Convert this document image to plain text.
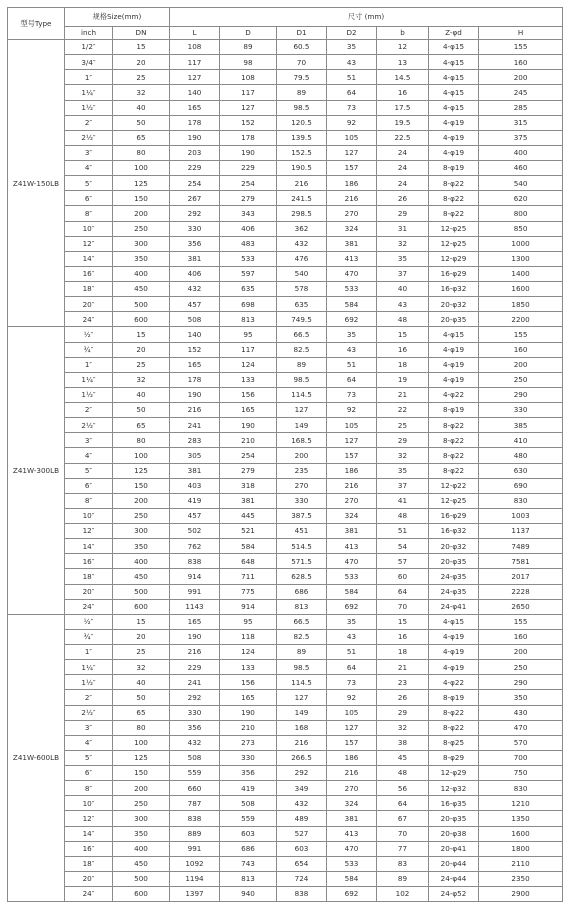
型号Type	规格Size(mm)		尺寸 (mm)							
	inch	DN	L	D	D1	D2	b	Z-φd	H	
Z41W-150LB	1/2″	15	108	89	60.5	35	12	4-φ15	155	
	3/4″	20	117	98	70	43	13	4-φ15	160	
	1″	25	127	108	79.5	51	14.5	4-φ15	200	
	1¼″	32	140	117	89	64	16	4-φ15	245	
	1½″	40	165	127	98.5	73	17.5	4-φ15	285	
	2″	50	178	152	120.5	92	19.5	4-φ19	315	
	2½″	65	190	178	139.5	105	22.5	4-φ19	375	
	3″	80	203	190	152.5	127	24	4-φ19	400	
	4″	100	229	229	190.5	157	24	8-φ19	460	
	5″	125	254	254	216	186	24	8-φ22	540	
	6″	150	267	279	241.5	216	26	8-φ22	620	
	8″	200	292	343	298.5	270	29	8-φ22	800	
	10″	250	330	406	362	324	31	12-φ25	850	
	12″	300	356	483	432	381	32	12-φ25	1000	
	14″	350	381	533	476	413	35	12-φ29	1300	
	16″	400	406	597	540	470	37	16-φ29	1400	
	18″	450	432	635	578	533	40	16-φ32	1600	
	20″	500	457	698	635	584	43	20-φ32	1850	
	24″	600	508	813	749.5	692	48	20-φ35	2200	
Z41W-300LB	½″	15	140	95	66.5	35	15	4-φ15	155	
	¾″	20	152	117	82.5	43	16	4-φ19	160	
	1″	25	165	124	89	51	18	4-φ19	200	
	1¼″	32	178	133	98.5	64	19	4-φ19	250	
	1½″	40	190	156	114.5	73	21	4-φ22	290	
	2″	50	216	165	127	92	22	8-φ19	330	
	2½″	65	241	190	149	105	25	8-φ22	385	
	3″	80	283	210	168.5	127	29	8-φ22	410	
	4″	100	305	254	200	157	32	8-φ22	480	
	5″	125	381	279	235	186	35	8-φ22	630	
	6″	150	403	318	270	216	37	12-φ22	690	
	8″	200	419	381	330	270	41	12-φ25	830	
	10″	250	457	445	387.5	324	48	16-φ29	1003	
	12″	300	502	521	451	381	51	16-φ32	1137	
	14″	350	762	584	514.5	413	54	20-φ32	7489	
	16″	400	838	648	571.5	470	57	20-φ35	7581	
	18″	450	914	711	628.5	533	60	24-φ35	2017	
	20″	500	991	775	686	584	64	24-φ35	2228	
	24″	600	1143	914	813	692	70	24-φ41	2650	
Z41W-600LB	½″	15	165	95	66.5	35	15	4-φ15	155	
	¾″	20	190	118	82.5	43	16	4-φ19	160	
	1″	25	216	124	89	51	18	4-φ19	200	
	1¼″	32	229	133	98.5	64	21	4-φ19	250	
	1½″	40	241	156	114.5	73	23	4-φ22	290	
	2″	50	292	165	127	92	26	8-φ19	350	
	2½″	65	330	190	149	105	29	8-φ22	430	
	3″	80	356	210	168	127	32	8-φ22	470	
	4″	100	432	273	216	157	38	8-φ25	570	
	5″	125	508	330	266.5	186	45	8-φ29	700	
	6″	150	559	356	292	216	48	12-φ29	750	
	8″	200	660	419	349	270	56	12-φ32	830	
	10″	250	787	508	432	324	64	16-φ35	1210	
	12″	300	838	559	489	381	67	20-φ35	1350	
	14″	350	889	603	527	413	70	20-φ38	1600	
	16″	400	991	686	603	470	77	20-φ41	1800	
	18″	450	1092	743	654	533	83	20-φ44	2110	
	20″	500	1194	813	724	584	89	24-φ44	2350	
	24″	600	1397	940	838	692	102	24-φ52	2900	
